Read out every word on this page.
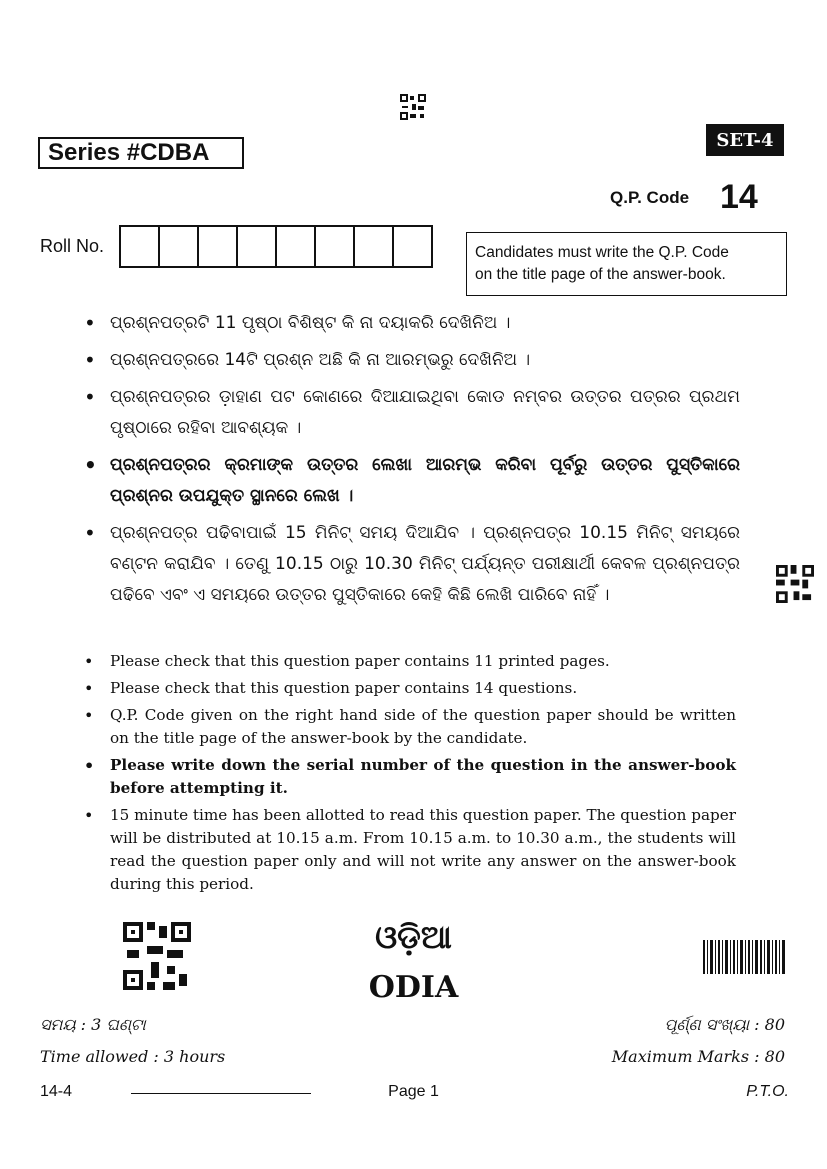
Series #CDBA	SET-4
Q.P. Code 14
Roll No.	Candidates must write the Q.P. Code
on the title page of the answer-book.
• ପ୍ରଶ୍ନପତ୍ରଟି 11 ପୃଷ୍ଠା ବିଶିଷ୍ଟ କି ନା ଦୟାକରି ଦେଖିନିଅ ।
• ପ୍ରଶ୍ନପତ୍ରରେ 14ଟି ପ୍ରଶ୍ନ ଅଛି କି ନା ଆରମ୍ଭରୁ ଦେଖିନିଅ ।
• ପ୍ରଶ୍ନପତ୍ରର ଡ଼ାହାଣ ପଟ କୋଣରେ ଦିଆଯାଇଥିବା କୋଡ ନମ୍ବର ଉତ୍ତର ପତ୍ରର ପ୍ରଥମ ପୃଷ୍ଠାରେ ରହିବା ଆବଶ୍ୟକ ।
• ପ୍ରଶ୍ନପତ୍ରର କ୍ରମାଙ୍କ ଉତ୍ତର ଲେଖା ଆରମ୍ଭ କରିବା ପୂର୍ବରୁ ଉତ୍ତର ପୁସ୍ତିକାରେ ପ୍ରଶ୍ନର ଉପଯୁକ୍ତ ସ୍ଥାନରେ ଲେଖ ।
• ପ୍ରଶ୍ନପତ୍ର ପଢିବାପାଇଁ 15 ମିନିଟ୍ ସମୟ ଦିଆଯିବ । ପ୍ରଶ୍ନପତ୍ର 10.15 ମିନିଟ୍ ସମୟରେ ବଣ୍ଟନ କରାଯିବ । ତେଣୁ 10.15 ଠାରୁ 10.30 ମିନିଟ୍ ପର୍ଯ୍ୟନ୍ତ ପରୀକ୍ଷାର୍ଥୀ କେବଳ ପ୍ରଶ୍ନପତ୍ର ପଢିବେ ଏବଂ ଏ ସମୟରେ ଉତ୍ତର ପୁସ୍ତିକାରେ କେହି କିଛି ଲେଖି ପାରିବେ ନାହିଁ ।
• Please check that this question paper contains 11 printed pages.
• Please check that this question paper contains 14 questions.
• Q.P. Code given on the right hand side of the question paper should be written on the title page of the answer-book by the candidate.
• Please write down the serial number of the question in the answer-book before attempting it.
• 15 minute time has been allotted to read this question paper. The question paper will be distributed at 10.15 a.m. From 10.15 a.m. to 10.30 a.m., the students will read the question paper only and will not write any answer on the answer-book during this period.
ଓଡ଼ିଆ
ODIA
ସମୟ : 3 ଘଣ୍ଟା
Time allowed : 3 hours
ପୂର୍ଣ୍ଣ ସଂଖ୍ୟା : 80
Maximum Marks : 80
14-4	Page 1	P.T.O.
